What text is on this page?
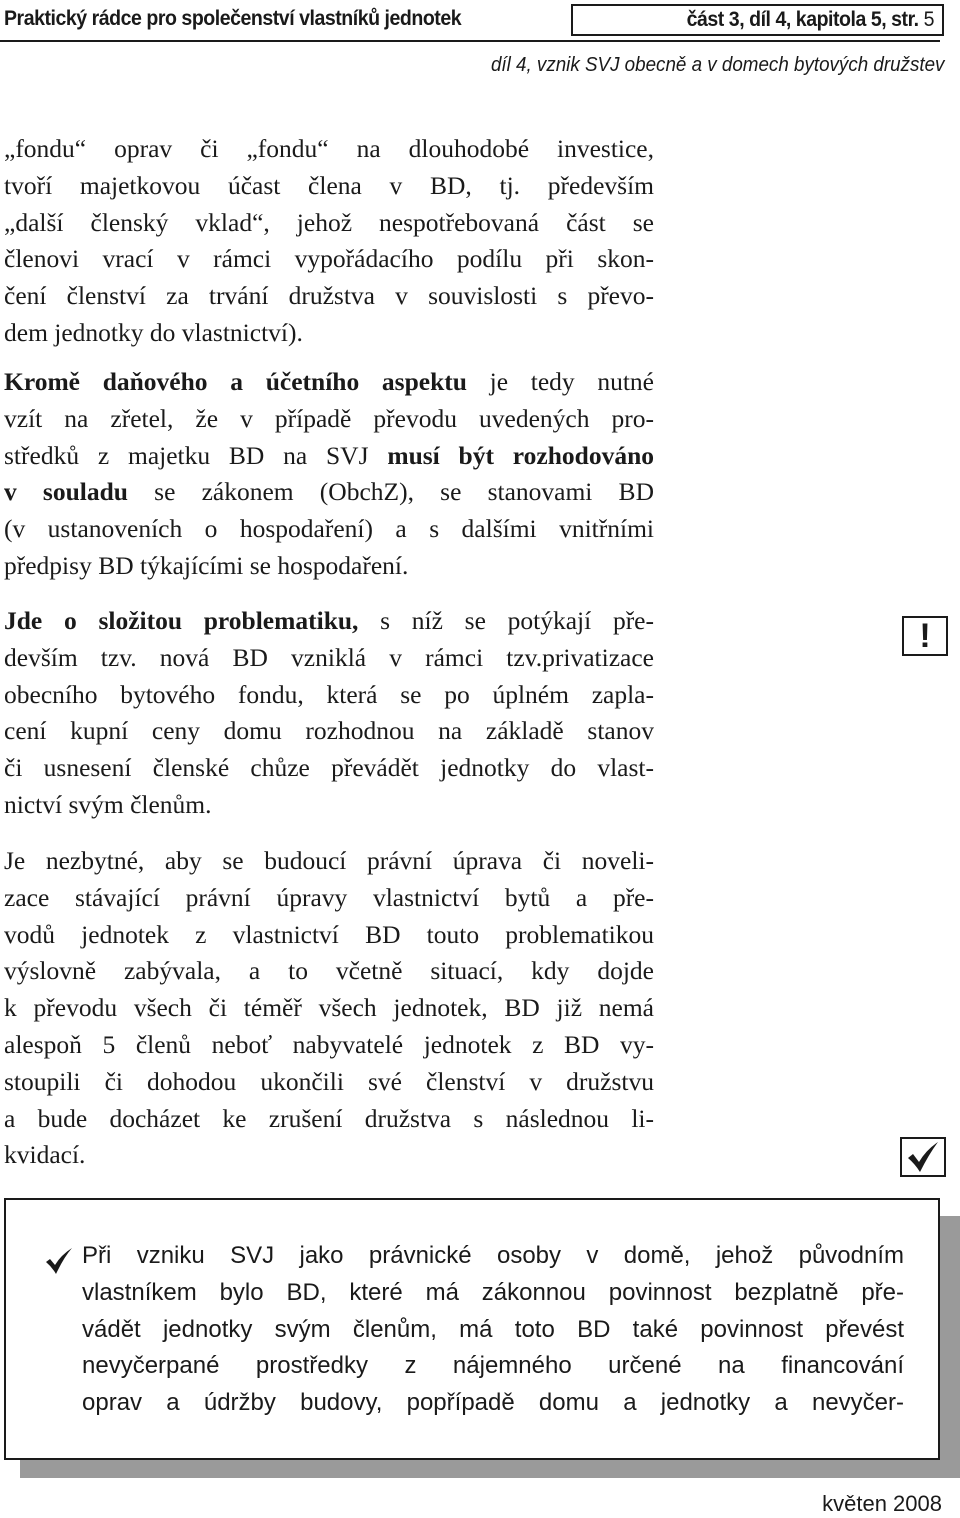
Praktický rádce pro společenství vlastníků jednotek	část 3, díl 4, kapitola 5, str. 5
díl 4, vznik SVJ obecně a v domech bytových družstev
„fondu“ oprav či „fondu“ na dlouhodobé investice,
tvoří majetkovou účast člena v BD, tj. především
„další členský vklad“, jehož nespotřebovaná část se
členovi vrací v rámci vypořádacího podílu při skon-
čení členství za trvání družstva v souvislosti s převo-
dem jednotky do vlastnictví).
Kromě daňového a účetního aspektu je tedy nutné
vzít na zřetel, že v případě převodu uvedených pro-
středků z majetku BD na SVJ musí být rozhodováno
v souladu se zákonem (ObchZ), se stanovami BD
(v ustanoveních o hospodaření) a s dalšími vnitřními
předpisy BD týkajícími se hospodaření.
Jde o složitou problematiku, s níž se potýkají pře-
devším tzv. nová BD vzniklá v rámci tzv.privatizace
obecního bytového fondu, která se po úplném zapla-
cení kupní ceny domu rozhodnou na základě stanov
či usnesení členské chůze převádět jednotky do vlast-
nictví svým členům.
Je nezbytné, aby se budoucí právní úprava či noveli-
zace stávající právní úpravy vlastnictví bytů a pře-
vodů jednotek z vlastnictví BD touto problematikou
výslovně zabývala, a to včetně situací, kdy dojde
k převodu všech či téměř všech jednotek, BD již nemá
alespoň 5 členů neboť nabyvatelé jednotek z BD vy-
stoupili či dohodou ukončili své členství v družstvu
a bude docházet ke zrušení družstva s následnou li-
kvidací.
!
Při vzniku SVJ jako právnické osoby v domě, jehož původním
vlastníkem bylo BD, které má zákonnou povinnost bezplatně pře-
vádět jednotky svým členům, má toto BD také povinnost převést
nevyčerpané prostředky z nájemného určené na financování
oprav a údržby budovy, popřípadě domu a jednotky a nevyčer-
květen 2008
